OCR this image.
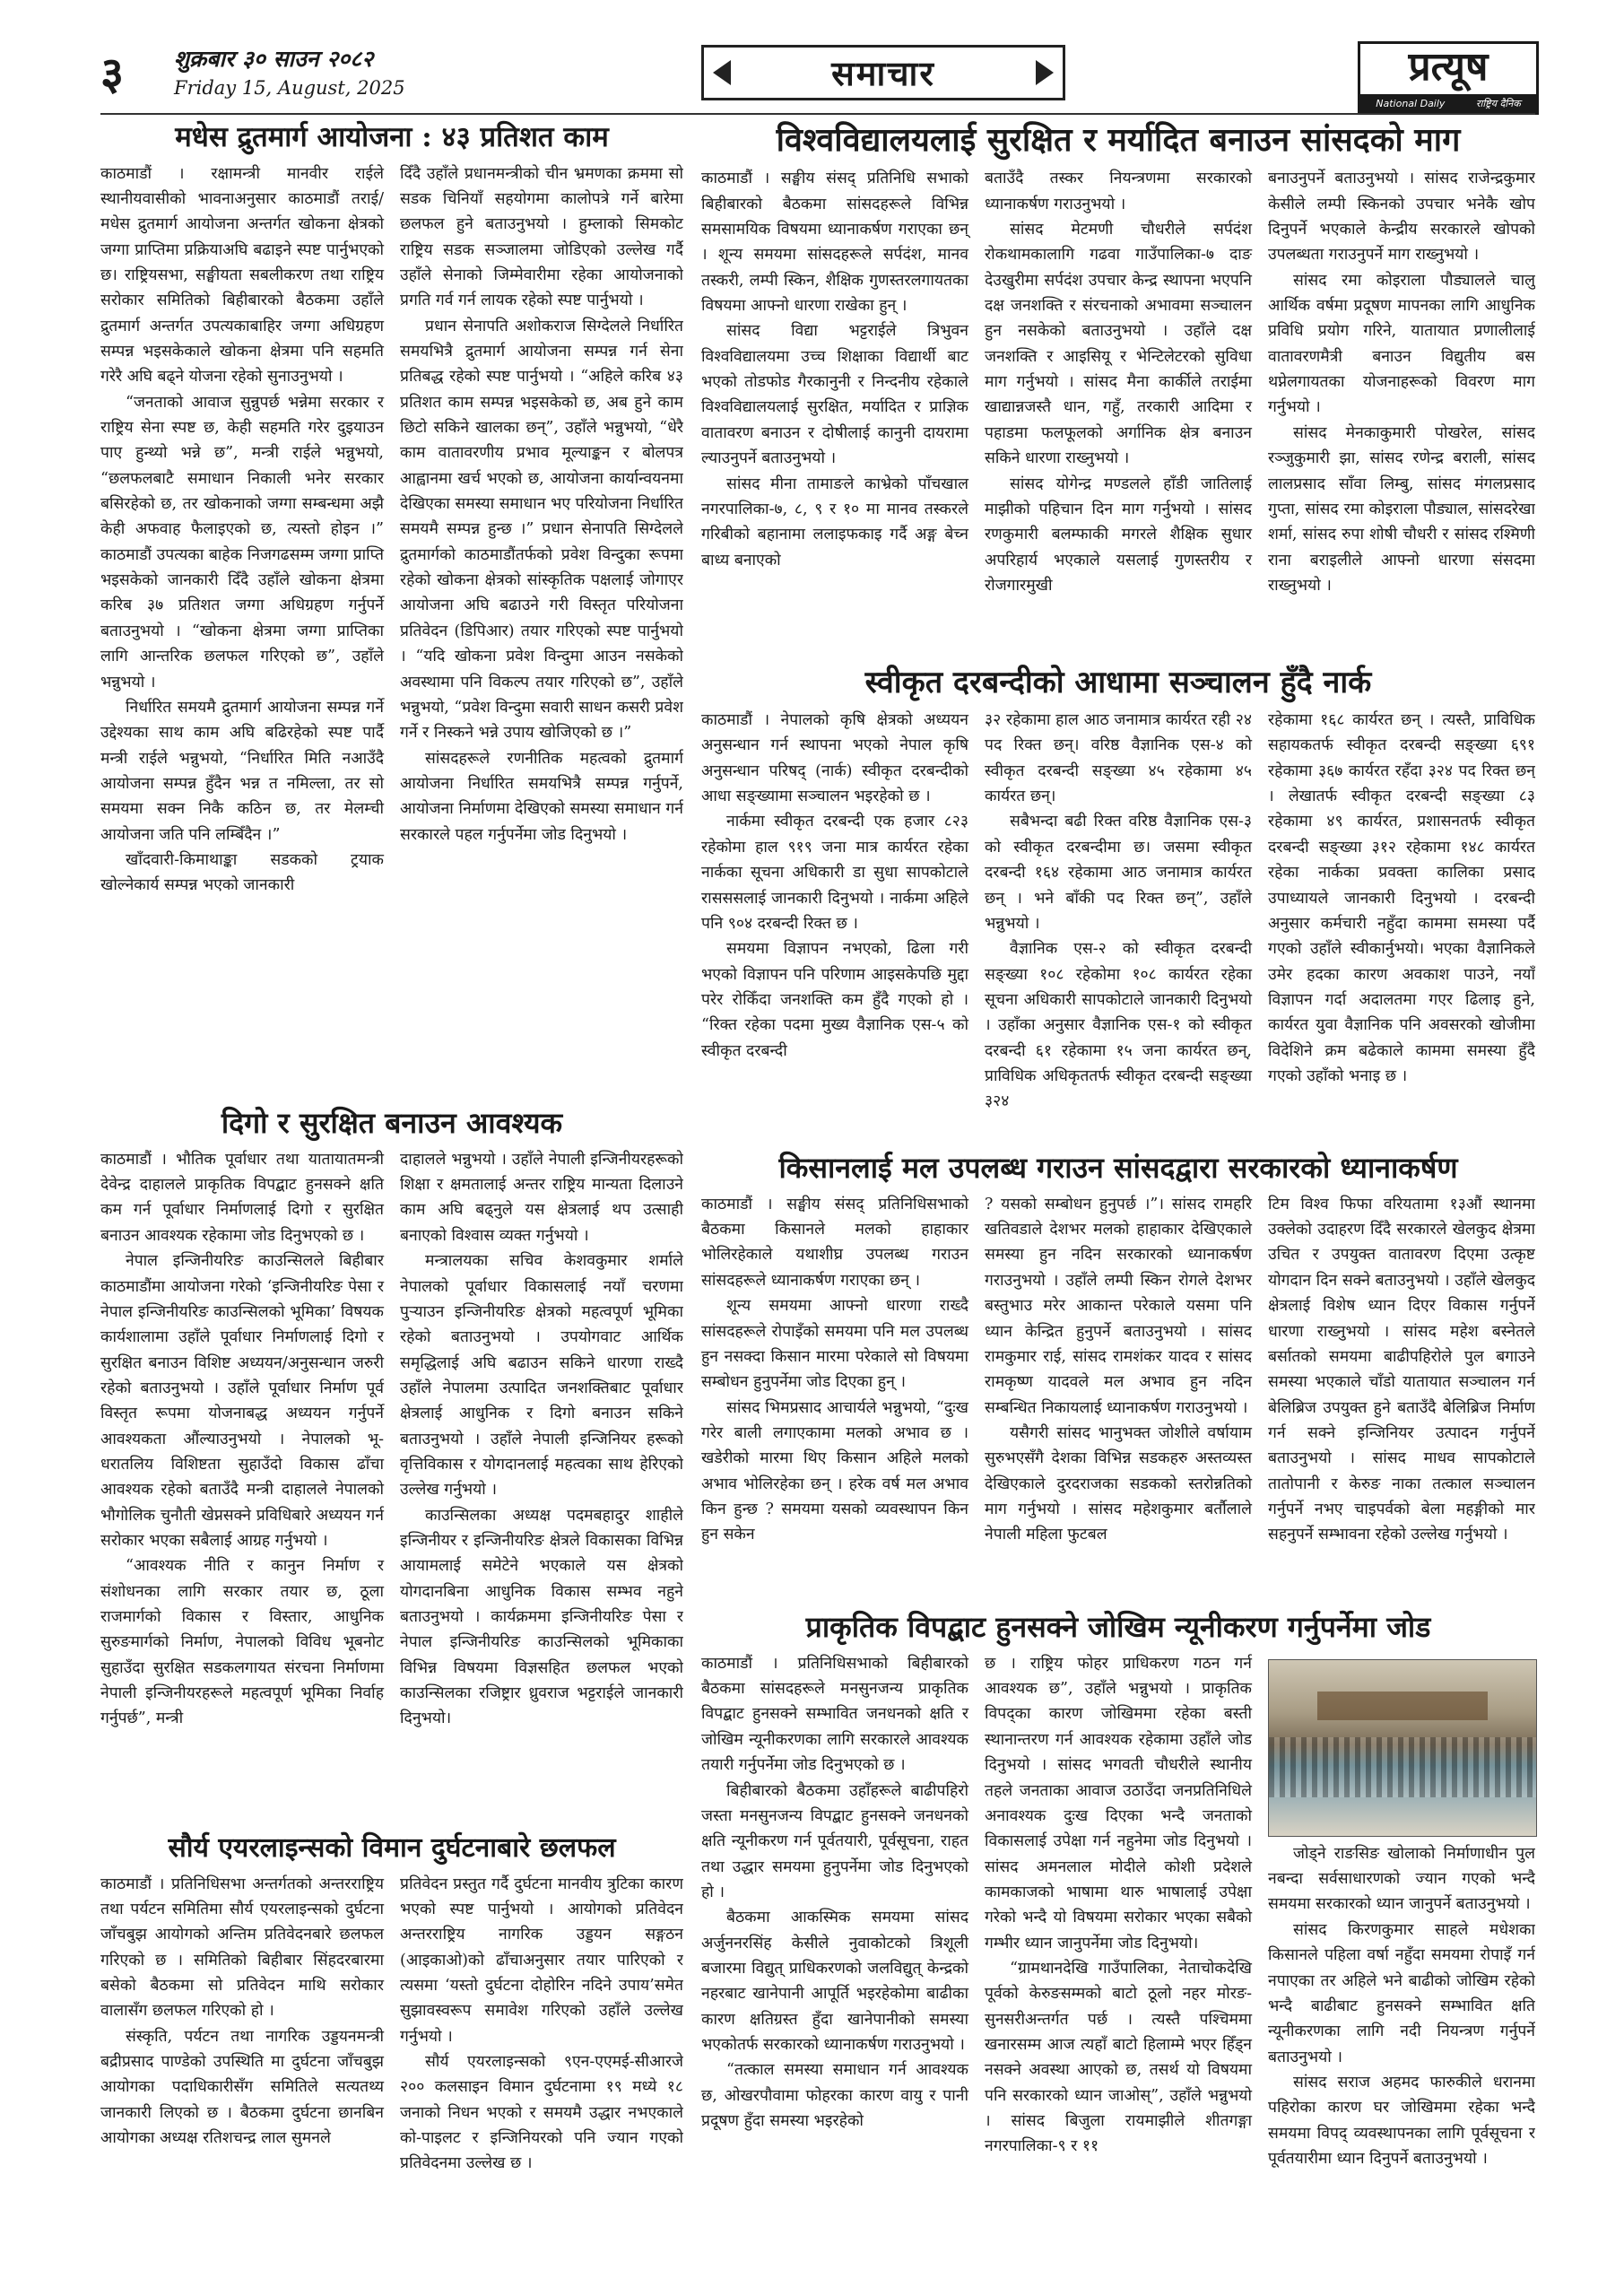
३ शुक्रबार ३० साउन २०८२
Friday 15, August, 2025	समाचार	प्रत्यूष
National Daily	राष्ट्रिय दैनिक
मधेस द्रुतमार्ग आयोजना : ४३ प्रतिशत काम

काठमाडौं । रक्षामन्त्री मानवीर राईले स्थानीयवासीको भावनाअनुसार काठमाडौं तराई/मधेस द्रुतमार्ग आयोजना अन्तर्गत खोकना क्षेत्रको जग्गा प्राप्तिमा प्रक्रियाअघि बढाइने स्पष्ट पार्नुभएको छ। राष्ट्रियसभा, सङ्घीयता सबलीकरण तथा राष्ट्रिय सरोकार समितिको बिहीबारको बैठकमा उहाँले द्रुतमार्ग अन्तर्गत उपत्यकाबाहिर जग्गा अधिग्रहण सम्पन्न भइसकेकाले खोकना क्षेत्रमा पनि सहमति गरेरै अघि बढ्ने योजना रहेको सुनाउनुभयो ।

“जनताको आवाज सुन्नुपर्छ भन्नेमा सरकार र राष्ट्रिय सेना स्पष्ट छ, केही सहमति गरेर दुइयाउन पाए हुन्थ्यो भन्ने छ”, मन्त्री राईले भन्नुभयो, “छलफलबाटै समाधान निकाली भनेर सरकार बसिरहेको छ, तर खोकनाको जग्गा सम्बन्धमा अझै केही अफवाह फैलाइएको छ, त्यस्तो होइन ।” काठमाडौं उपत्यका बाहेक निजगढसम्म जग्गा प्राप्ति भइसकेको जानकारी दिँदै उहाँले खोकना क्षेत्रमा करिब ३७ प्रतिशत जग्गा अधिग्रहण गर्नुपर्ने बताउनुभयो । “खोकना क्षेत्रमा जग्गा प्राप्तिका लागि आन्तरिक छलफल गरिएको छ”, उहाँले भन्नुभयो ।

निर्धारित समयमै द्रुतमार्ग आयोजना सम्पन्न गर्ने उद्देश्यका साथ काम अघि बढिरहेको स्पष्ट पार्दै मन्त्री राईले भन्नुभयो, “निर्धारित मिति नआउँदै आयोजना सम्पन्न हुँदैन भन्न त नमिल्ला, तर सो समयमा सक्न निकै कठिन छ, तर मेलम्ची आयोजना जति पनि लम्बिँदैन ।”

खाँदवारी-किमाथाङ्का सडकको ट्रयाक खोल्नेकार्य सम्पन्न भएको जानकारी

दिँदै उहाँले प्रधानमन्त्रीको चीन भ्रमणका क्रममा सो सडक चिनियाँ सहयोगमा कालोपत्रे गर्ने बारेमा छलफल हुने बताउनुभयो । हुम्लाको सिमकोट राष्ट्रिय सडक सञ्जालमा जोडिएको उल्लेख गर्दै उहाँले सेनाको जिम्मेवारीमा रहेका आयोजनाको प्रगति गर्व गर्न लायक रहेको स्पष्ट पार्नुभयो ।

प्रधान सेनापति अशोकराज सिग्देलले निर्धारित समयभित्रै द्रुतमार्ग आयोजना सम्पन्न गर्न सेना प्रतिबद्ध रहेको स्पष्ट पार्नुभयो । “अहिले करिब ४३ प्रतिशत काम सम्पन्न भइसकेको छ, अब हुने काम छिटो सकिने खालका छन्”, उहाँले भन्नुभयो, “धेरै काम वातावरणीय प्रभाव मूल्याङ्कन र बोलपत्र आह्वानमा खर्च भएको छ, आयोजना कार्यान्वयनमा देखिएका समस्या समाधान भए परियोजना निर्धारित समयमै सम्पन्न हुन्छ ।” प्रधान सेनापति सिग्देलले द्रुतमार्गको काठमाडौंतर्फको प्रवेश विन्दुका रूपमा रहेको खोकना क्षेत्रको सांस्कृतिक पक्षलाई जोगाएर आयोजना अघि बढाउने गरी विस्तृत परियोजना प्रतिवेदन (डिपिआर) तयार गरिएको स्पष्ट पार्नुभयो । “यदि खोकना प्रवेश विन्दुमा आउन नसकेको अवस्थामा पनि विकल्प तयार गरिएको छ”, उहाँले भन्नुभयो, “प्रवेश विन्दुमा सवारी साधन कसरी प्रवेश गर्ने र निस्कने भन्ने उपाय खोजिएको छ ।”

सांसदहरूले रणनीतिक महत्वको द्रुतमार्ग आयोजना निर्धारित समयभित्रै सम्पन्न गर्नुपर्ने, आयोजना निर्माणमा देखिएको समस्या समाधान गर्न सरकारले पहल गर्नुपर्नेमा जोड दिनुभयो ।

विश्वविद्यालयलाई सुरक्षित र मर्यादित बनाउन सांसदको माग

काठमाडौं । सङ्घीय संसद् प्रतिनिधि सभाको बिहीबारको बैठकमा सांसदहरूले विभिन्न समसामयिक विषयमा ध्यानाकर्षण गराएका छन् । शून्य समयमा सांसदहरूले सर्पदंश, मानव तस्करी, लम्पी स्किन, शैक्षिक गुणस्तरलगायतका विषयमा आफ्नो धारणा राखेका हुन् ।

सांसद विद्या भट्टराईले त्रिभुवन विश्वविद्यालयमा उच्च शिक्षाका विद्यार्थी बाट भएको तोडफोड गैरकानुनी र निन्दनीय रहेकाले विश्वविद्यालयलाई सुरक्षित, मर्यादित र प्राज्ञिक वातावरण बनाउन र दोषीलाई कानुनी दायरामा ल्याउनुपर्ने बताउनुभयो ।

सांसद मीना तामाङले काभ्रेको पाँचखाल नगरपालिका-७, ८, ९ र १० मा मानव तस्करले गरिबीको बहानामा ललाइफकाइ गर्दै अङ्ग बेच्न बाध्य बनाएको

बताउँदै तस्कर नियन्त्रणमा सरकारको ध्यानाकर्षण गराउनुभयो ।

सांसद मेटमणी चौधरीले सर्पदंश रोकथामकालागि गढवा गाउँपालिका-७ दाङ देउखुरीमा सर्पदंश उपचार केन्द्र स्थापना भएपनि दक्ष जनशक्ति र संरचनाको अभावमा सञ्चालन हुन नसकेको बताउनुभयो । उहाँले दक्ष जनशक्ति र आइसियू र भेन्टिलेटरको सुविधा माग गर्नुभयो । सांसद मैना कार्कीले तराईमा खाद्यान्नजस्तै धान, गहुँ, तरकारी आदिमा र पहाडमा फलफूलको अर्गानिक क्षेत्र बनाउन सकिने धारणा राख्नुभयो ।

सांसद योगेन्द्र मण्डलले हाँडी जातिलाई माझीको पहिचान दिन माग गर्नुभयो । सांसद रणकुमारी बलम्फाकी मगरले शैक्षिक सुधार अपरिहार्य भएकाले यसलाई गुणस्तरीय र रोजगारमुखी

बनाउनुपर्ने बताउनुभयो । सांसद राजेन्द्रकुमार केसीले लम्पी स्किनको उपचार भनेकै खोप दिनुपर्ने भएकाले केन्द्रीय सरकारले खोपको उपलब्धता गराउनुपर्ने माग राख्नुभयो ।

सांसद रमा कोइराला पौड्यालले चालु आर्थिक वर्षमा प्रदूषण मापनका लागि आधुनिक प्रविधि प्रयोग गरिने, यातायात प्रणालीलाई वातावरणमैत्री बनाउन विद्युतीय बस थप्नेलगायतका योजनाहरूको विवरण माग गर्नुभयो ।

सांसद मेनकाकुमारी पोखरेल, सांसद रञ्जुकुमारी झा, सांसद रणेन्द्र बराली, सांसद लालप्रसाद साँवा लिम्बु, सांसद मंगलप्रसाद गुप्ता, सांसद रमा कोइराला पौड्याल, सांसदरेखा शर्मा, सांसद रुपा शोषी चौधरी र सांसद रश्मिणी राना बराइलीले आफ्नो धारणा संसदमा राख्नुभयो ।

स्वीकृत दरबन्दीको आधामा सञ्चालन हुँदै नार्क

काठमाडौं । नेपालको कृषि क्षेत्रको अध्ययन अनुसन्धान गर्न स्थापना भएको नेपाल कृषि अनुसन्धान परिषद् (नार्क) स्वीकृत दरबन्दीको आधा सङ्ख्यामा सञ्चालन भइरहेको छ ।

नार्कमा स्वीकृत दरबन्दी एक हजार ८२३ रहेकोमा हाल ९१९ जना मात्र कार्यरत रहेका नार्कका सूचना अधिकारी डा सुधा सापकोटाले रासससलाई जानकारी दिनुभयो । नार्कमा अहिले पनि ९०४ दरबन्दी रिक्त छ ।

समयमा विज्ञापन नभएको, ढिला गरी भएको विज्ञापन पनि परिणाम आइसकेपछि मुद्दा परेर रोकिँदा जनशक्ति कम हुँदै गएको हो । “रिक्त रहेका पदमा मुख्य वैज्ञानिक एस-५ को स्वीकृत दरबन्दी

३२ रहेकामा हाल आठ जनामात्र कार्यरत रही २४ पद रिक्त छन्। वरिष्ठ वैज्ञानिक एस-४ को स्वीकृत दरबन्दी सङ्ख्या ४५ रहेकामा ४५ कार्यरत छन्।

सबैभन्दा बढी रिक्त वरिष्ठ वैज्ञानिक एस-३ को स्वीकृत दरबन्दीमा छ। जसमा स्वीकृत दरबन्दी १६४ रहेकामा आठ जनामात्र कार्यरत छन् । भने बाँकी पद रिक्त छन्”, उहाँले भन्नुभयो ।

वैज्ञानिक एस-२ को स्वीकृत दरबन्दी सङ्ख्या १०८ रहेकोमा १०८ कार्यरत रहेका सूचना अधिकारी सापकोटाले जानकारी दिनुभयो । उहाँका अनुसार वैज्ञानिक एस-१ को स्वीकृत दरबन्दी ६१ रहेकामा १५ जना कार्यरत छन्, प्राविधिक अधिकृततर्फ स्वीकृत दरबन्दी सङ्ख्या ३२४

रहेकामा १६८ कार्यरत छन् । त्यस्तै, प्राविधिक सहायकतर्फ स्वीकृत दरबन्दी सङ्ख्या ६९१ रहेकामा ३६७ कार्यरत रहँदा ३२४ पद रिक्त छन् । लेखातर्फ स्वीकृत दरबन्दी सङ्ख्या ८३ रहेकामा ४९ कार्यरत, प्रशासनतर्फ स्वीकृत दरबन्दी सङ्ख्या ३१२ रहेकामा १४८ कार्यरत रहेका नार्कका प्रवक्ता कालिका प्रसाद उपाध्यायले जानकारी दिनुभयो । दरबन्दी अनुसार कर्मचारी नहुँदा काममा समस्या पर्दै गएको उहाँले स्वीकार्नुभयो। भएका वैज्ञानिकले उमेर हदका कारण अवकाश पाउने, नयाँ विज्ञापन गर्दा अदालतमा गएर ढिलाइ हुने, कार्यरत युवा वैज्ञानिक पनि अवसरको खोजीमा विदेशिने क्रम बढेकाले काममा समस्या हुँदै गएको उहाँको भनाइ छ ।

किसानलाई मल उपलब्ध गराउन सांसदद्वारा सरकारको ध्यानाकर्षण

काठमाडौं । सङ्घीय संसद् प्रतिनिधिसभाको बैठकमा किसानले मलको हाहाकार भोलिरहेकाले यथाशीघ्र उपलब्ध गराउन सांसदहरूले ध्यानाकर्षण गराएका छन् ।

शून्य समयमा आफ्नो धारणा राख्दै सांसदहरूले रोपाइँको समयमा पनि मल उपलब्ध हुन नसक्दा किसान मारमा परेकाले सो विषयमा सम्बोधन हुनुपर्नेमा जोड दिएका हुन् ।

सांसद भिमप्रसाद आचार्यले भन्नुभयो, “दुःख गरेर बाली लगाएकामा मलको अभाव छ । खडेरीको मारमा थिए किसान अहिले मलको अभाव भोलिरहेका छन् । हरेक वर्ष मल अभाव किन हुन्छ ? समयमा यसको व्यवस्थापन किन हुन सकेन

? यसको सम्बोधन हुनुपर्छ ।”। सांसद रामहरि खतिवडाले देशभर मलको हाहाकार देखिएकाले समस्या हुन नदिन सरकारको ध्यानाकर्षण गराउनुभयो । उहाँले लम्पी स्किन रोगले देशभर बस्तुभाउ मरेर आकान्त परेकाले यसमा पनि ध्यान केन्द्रित हुनुपर्ने बताउनुभयो । सांसद रामकुमार राई, सांसद रामशंकर यादव र सांसद रामकृष्ण यादवले मल अभाव हुन नदिन सम्बन्धित निकायलाई ध्यानाकर्षण गराउनुभयो ।

यसैगरी सांसद भानुभक्त जोशीले वर्षायाम सुरुभएसँगै देशका विभिन्न सडकहरु अस्तव्यस्त देखिएकाले दुरदराजका सडकको स्तरोन्नतिको माग गर्नुभयो । सांसद महेशकुमार बर्तौलाले नेपाली महिला फुटबल

टिम विश्व फिफा वरियतामा १३औं स्थानमा उक्लेको उदाहरण दिँदै सरकारले खेलकुद क्षेत्रमा उचित र उपयुक्त वातावरण दिएमा उत्कृष्ट योगदान दिन सक्ने बताउनुभयो । उहाँले खेलकुद क्षेत्रलाई विशेष ध्यान दिएर विकास गर्नुपर्ने धारणा राख्नुभयो । सांसद महेश बस्नेतले बर्सातको समयमा बाढीपहिरोले पुल बगाउने समस्या भएकाले चाँडो यातायात सञ्चालन गर्न बेलिब्रिज उपयुक्त हुने बताउँदै बेलिब्रिज निर्माण गर्न सक्ने इन्जिनियर उत्पादन गर्नुपर्ने बताउनुभयो । सांसद माधव सापकोटाले तातोपानी र केरुङ नाका तत्काल सञ्चालन गर्नुपर्ने नभए चाइपर्वको बेला महङ्गीको मार सहनुपर्ने सम्भावना रहेको उल्लेख गर्नुभयो ।

दिगो र सुरक्षित बनाउन आवश्यक

काठमाडौं । भौतिक पूर्वाधार तथा यातायातमन्त्री देवेन्द्र दाहालले प्राकृतिक विपद्बाट हुनसक्ने क्षति कम गर्न पूर्वाधार निर्माणलाई दिगो र सुरक्षित बनाउन आवश्यक रहेकामा जोड दिनुभएको छ ।

नेपाल इन्जिनीयरिङ काउन्सिलले बिहीबार काठमाडौंमा आयोजना गरेको ‘इन्जिनीयरिङ पेसा र नेपाल इन्जिनीयरिङ काउन्सिलको भूमिका’ विषयक कार्यशालामा उहाँले पूर्वाधार निर्माणलाई दिगो र सुरक्षित बनाउन विशिष्ट अध्ययन/अनुसन्धान जरुरी रहेको बताउनुभयो । उहाँले पूर्वाधार निर्माण पूर्व विस्तृत रूपमा योजनाबद्ध अध्ययन गर्नुपर्ने आवश्यकता औंल्याउनुभयो । नेपालको भू-धरातलिय विशिष्टता सुहाउँदो विकास ढाँचा आवश्यक रहेको बताउँदै मन्त्री दाहालले नेपालको भौगोलिक चुनौती खेप्नसक्ने प्रविधिबारे अध्ययन गर्न सरोकार भएका सबैलाई आग्रह गर्नुभयो ।

“आवश्यक नीति र कानुन निर्माण र संशोधनका लागि सरकार तयार छ, ठूला राजमार्गको विकास र विस्तार, आधुनिक सुरुङमार्गको निर्माण, नेपालको विविध भूबनोट सुहाउँदा सुरक्षित सडकलगायत संरचना निर्माणमा नेपाली इन्जिनीयरहरूले महत्वपूर्ण भूमिका निर्वाह गर्नुपर्छ”, मन्त्री

दाहालले भन्नुभयो । उहाँले नेपाली इन्जिनीयरहरूको शिक्षा र क्षमतालाई अन्तर राष्ट्रिय मान्यता दिलाउने काम अघि बढ्नुले यस क्षेत्रलाई थप उत्साही बनाएको विश्वास व्यक्त गर्नुभयो ।

मन्त्रालयका सचिव केशवकुमार शर्माले नेपालको पूर्वाधार विकासलाई नयाँ चरणमा पुऱ्याउन इन्जिनीयरिङ क्षेत्रको महत्वपूर्ण भूमिका रहेको बताउनुभयो । उपयोगवाट आर्थिक समृद्धिलाई अघि बढाउन सकिने धारणा राख्दै उहाँले नेपालमा उत्पादित जनशक्तिबाट पूर्वाधार क्षेत्रलाई आधुनिक र दिगो बनाउन सकिने बताउनुभयो । उहाँले नेपाली इन्जिनियर हरूको वृत्तिविकास र योगदानलाई महत्वका साथ हेरिएको उल्लेख गर्नुभयो ।

काउन्सिलका अध्यक्ष पदमबहादुर शाहीले इन्जिनीयर र इन्जिनीयरिङ क्षेत्रले विकासका विभिन्न आयामलाई समेटेने भएकाले यस क्षेत्रको योगदानबिना आधुनिक विकास सम्भव नहुने बताउनुभयो । कार्यक्रममा इन्जिनीयरिङ पेसा र नेपाल इन्जिनीयरिङ काउन्सिलको भूमिकाका विभिन्न विषयमा विज्ञसहित छलफल भएको काउन्सिलका रजिष्ट्रार ध्रुवराज भट्टराईले जानकारी दिनुभयो।

सौर्य एयरलाइन्सको विमान दुर्घटनाबारे छलफल

काठमाडौं । प्रतिनिधिसभा अन्तर्गतको अन्तरराष्ट्रिय तथा पर्यटन समितिमा सौर्य एयरलाइन्सको दुर्घटना जाँचबुझ आयोगको अन्तिम प्रतिवेदनबारे छलफल गरिएको छ । समितिको बिहीबार सिंहदरबारमा बसेको बैठकमा सो प्रतिवेदन माथि सरोकार वालासँग छलफल गरिएको हो ।

संस्कृति, पर्यटन तथा नागरिक उड्डयनमन्त्री बद्रीप्रसाद पाण्डेको उपस्थिति मा दुर्घटना जाँचबुझ आयोगका पदाधिकारीसँग समितिले सत्यतथ्य जानकारी लिएको छ । बैठकमा दुर्घटना छानबिन आयोगका अध्यक्ष रतिशचन्द्र लाल सुमनले

प्रतिवेदन प्रस्तुत गर्दै दुर्घटना मानवीय त्रुटिका कारण भएको स्पष्ट पार्नुभयो । आयोगको प्रतिवेदन अन्तरराष्ट्रिय नागरिक उड्डयन सङ्गठन (आइकाओ)को ढाँचाअनुसार तयार पारिएको र त्यसमा ‘यस्तो दुर्घटना दोहोरिन नदिने उपाय’समेत सुझावस्वरूप समावेश गरिएको उहाँले उल्लेख गर्नुभयो ।

सौर्य एयरलाइन्सको ९एन-एएमई-सीआरजे २०० कलसाइन विमान दुर्घटनामा १९ मध्ये १८ जनाको निधन भएको र समयमै उद्धार नभएकाले को-पाइलट र इन्जिनियरको पनि ज्यान गएको प्रतिवेदनमा उल्लेख छ ।

प्राकृतिक विपद्बाट हुनसक्ने जोखिम न्यूनीकरण गर्नुपर्नेमा जोड

काठमाडौं । प्रतिनिधिसभाको बिहीबारको बैठकमा सांसदहरूले मनसुनजन्य प्राकृतिक विपद्बाट हुनसक्ने सम्भावित जनधनको क्षति र जोखिम न्यूनीकरणका लागि सरकारले आवश्यक तयारी गर्नुपर्नेमा जोड दिनुभएको छ ।

बिहीबारको बैठकमा उहाँहरूले बाढीपहिरो जस्ता मनसुनजन्य विपद्बाट हुनसक्ने जनधनको क्षति न्यूनीकरण गर्न पूर्वतयारी, पूर्वसूचना, राहत तथा उद्धार समयमा हुनुपर्नेमा जोड दिनुभएको हो ।

बैठकमा आकस्मिक समयमा सांसद अर्जुननरसिंह केसीले नुवाकोटको त्रिशूली बजारमा विद्युत् प्राधिकरणको जलविद्युत् केन्द्रको नहरबाट खानेपानी आपूर्ति भइरहेकोमा बाढीका कारण क्षतिग्रस्त हुँदा खानेपानीको समस्या भएकोतर्फ सरकारको ध्यानाकर्षण गराउनुभयो ।

“तत्काल समस्या समाधान गर्न आवश्यक छ, ओखरपौवामा फोहरका कारण वायु र पानी प्रदूषण हुँदा समस्या भइरहेको

छ । राष्ट्रिय फोहर प्राधिकरण गठन गर्न आवश्यक छ”, उहाँले भन्नुभयो । प्राकृतिक विपद्का कारण जोखिममा रहेका बस्ती स्थानान्तरण गर्न आवश्यक रहेकामा उहाँले जोड दिनुभयो । सांसद भगवती चौधरीले स्थानीय तहले जनताका आवाज उठाउँदा जनप्रतिनिधिले अनावश्यक दुःख दिएका भन्दै जनताको विकासलाई उपेक्षा गर्न नहुनेमा जोड दिनुभयो । सांसद अमनलाल मोदीले कोशी प्रदेशले कामकाजको भाषामा थारु भाषालाई उपेक्षा गरेको भन्दै यो विषयमा सरोकार भएका सबैको गम्भीर ध्यान जानुपर्नेमा जोड दिनुभयो।

“ग्रामथानदेखि गाउँपालिका, नेताचोकदेखि पूर्वको केरुङसम्मको बाटो ठूलो नहर मोरङ-सुनसरीअन्तर्गत पर्छ । त्यस्तै पश्चिममा खनारसम्म आज त्यहाँ बाटो हिलाम्मे भएर हिँड्न नसक्ने अवस्था आएको छ, तसर्थ यो विषयमा पनि सरकारको ध्यान जाओस्”, उहाँले भन्नुभयो । सांसद बिजुला रायमाझीले शीतगङ्गा नगरपालिका-९ र ११

जोड्ने राङसिङ खोलाको निर्माणाधीन पुल नबन्दा सर्वसाधारणको ज्यान गएको भन्दै समयमा सरकारको ध्यान जानुपर्ने बताउनुभयो ।

सांसद किरणकुमार साहले मधेशका किसानले पहिला वर्षा नहुँदा समयमा रोपाइँ गर्न नपाएका तर अहिले भने बाढीको जोखिम रहेको भन्दै बाढीबाट हुनसक्ने सम्भावित क्षति न्यूनीकरणका लागि नदी नियन्त्रण गर्नुपर्ने बताउनुभयो ।

सांसद सराज अहमद फारुकीले धरानमा पहिरोका कारण घर जोखिममा रहेका भन्दै समयमा विपद् व्यवस्थापनका लागि पूर्वसूचना र पूर्वतयारीमा ध्यान दिनुपर्ने बताउनुभयो ।
